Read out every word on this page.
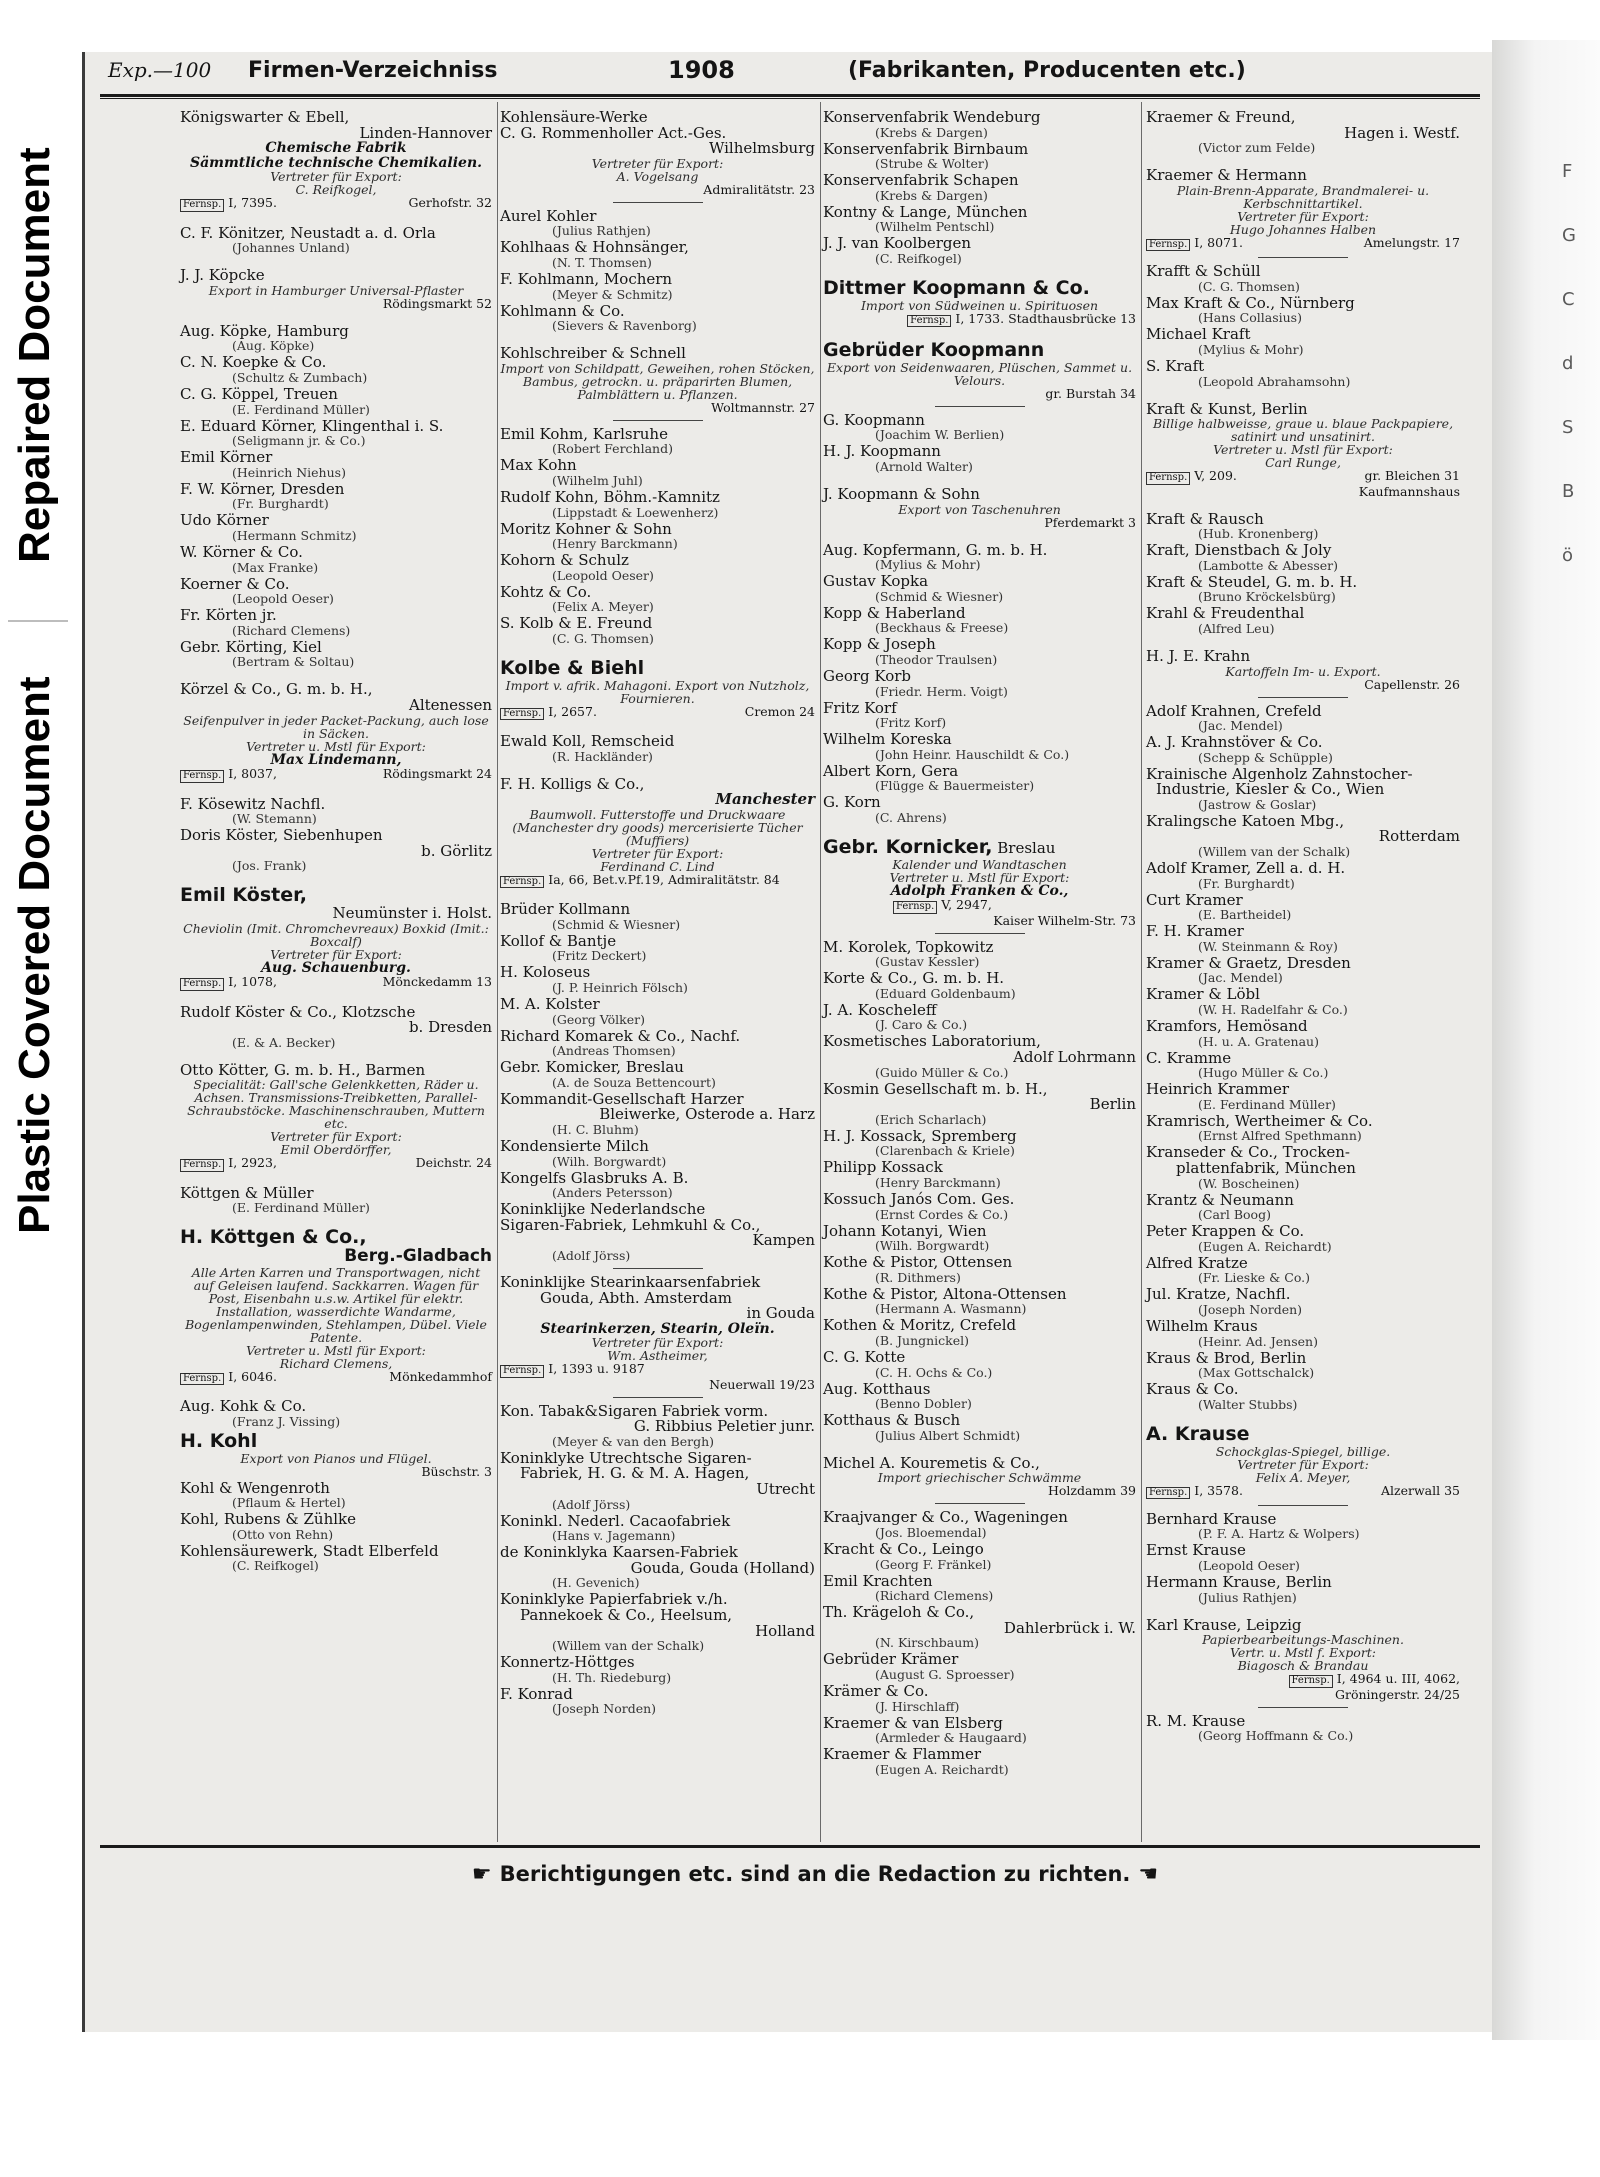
Repaired Document
Plastic Covered Document
F
G
C
d
S
B
ö
Exp.—100	Firmen-Verzeichniss	1908	(Fabrikanten, Producenten etc.)
Königswarter & Ebell,
Linden-Hannover
Chemische Fabrik
Sämmtliche technische Chemikalien.
Vertreter für Export:
C. Reifkogel,
Fernsp. I, 7395.	Gerhofstr. 32
C. F. Könitzer, Neustadt a. d. Orla
(Johannes Unland)
J. J. Köpcke
Export in Hamburger Universal-Pflaster
Rödingsmarkt 52
Aug. Köpke, Hamburg
(Aug. Köpke)
C. N. Koepke & Co.
(Schultz & Zumbach)
C. G. Köppel, Treuen
(E. Ferdinand Müller)
E. Eduard Körner, Klingenthal i. S.
(Seligmann jr. & Co.)
Emil Körner
(Heinrich Niehus)
F. W. Körner, Dresden
(Fr. Burghardt)
Udo Körner
(Hermann Schmitz)
W. Körner & Co.
(Max Franke)
Koerner & Co.
(Leopold Oeser)
Fr. Körten jr.
(Richard Clemens)
Gebr. Körting, Kiel
(Bertram & Soltau)
Körzel & Co., G. m. b. H.,
Altenessen
Seifenpulver in jeder Packet-Packung, auch lose in Säcken.
Vertreter u. Mstl für Export:
Max Lindemann,
Fernsp. I, 8037,	Rödingsmarkt 24
F. Kösewitz Nachfl.
(W. Stemann)
Doris Köster, Siebenhupen
b. Görlitz
(Jos. Frank)
Emil Köster,
Neumünster i. Holst.
Cheviolin (Imit. Chromchevreaux) Boxkid (Imit.: Boxcalf)
Vertreter für Export:
Aug. Schauenburg.
Fernsp. I, 1078,	Mönckedamm 13
Rudolf Köster & Co., Klotzsche
b. Dresden
(E. & A. Becker)
Otto Kötter, G. m. b. H., Barmen
Specialität: Gall'sche Gelenkketten, Räder u. Achsen. Transmissions-Treibketten, Parallel-Schraubstöcke. Maschinenschrauben, Muttern etc.
Vertreter für Export:
Emil Oberdörffer,
Fernsp. I, 2923,	Deichstr. 24
Köttgen & Müller
(E. Ferdinand Müller)
H. Köttgen & Co.,
Berg.-Gladbach
Alle Arten Karren und Transportwagen, nicht auf Geleisen laufend. Sackkarren. Wagen für Post, Eisenbahn u.s.w. Artikel für elektr. Installation, wasserdichte Wandarme, Bogenlampenwinden, Stehlampen, Dübel. Viele Patente.
Vertreter u. Mstl für Export:
Richard Clemens,
Fernsp. I, 6046.	Mönkedammhof
Aug. Kohk & Co.
(Franz J. Vissing)
H. Kohl
Export von Pianos und Flügel.
Büschstr. 3
Kohl & Wengenroth
(Pflaum & Hertel)
Kohl, Rubens & Zühlke
(Otto von Rehn)
Kohlensäurewerk, Stadt Elberfeld
(C. Reifkogel)
Kohlensäure-Werke
C. G. Rommenholler Act.-Ges.
Wilhelmsburg
Vertreter für Export:
A. Vogelsang
Admiralitätstr. 23
Aurel Kohler
(Julius Rathjen)
Kohlhaas & Hohnsänger,
(N. T. Thomsen)
F. Kohlmann, Mochern
(Meyer & Schmitz)
Kohlmann & Co.
(Sievers & Ravenborg)
Kohlschreiber & Schnell
Import von Schildpatt, Geweihen, rohen Stöcken, Bambus, getrockn. u. präparirten Blumen, Palmblättern u. Pflanzen.
Woltmannstr. 27
Emil Kohm, Karlsruhe
(Robert Ferchland)
Max Kohn
(Wilhelm Juhl)
Rudolf Kohn, Böhm.-Kamnitz
(Lippstadt & Loewenherz)
Moritz Kohner & Sohn
(Henry Barckmann)
Kohorn & Schulz
(Leopold Oeser)
Kohtz & Co.
(Felix A. Meyer)
S. Kolb & E. Freund
(C. G. Thomsen)
Kolbe & Biehl
Import v. afrik. Mahagoni. Export von Nutzholz, Fournieren.
Fernsp. I, 2657.	Cremon 24
Ewald Koll, Remscheid
(R. Hackländer)
F. H. Kolligs & Co.,
Manchester
Baumwoll. Futterstoffe und Druckwaare (Manchester dry goods) mercerisierte Tücher (Muffiers)
Vertreter für Export:
Ferdinand C. Lind
Fernsp. Ia, 66, Bet.v.Pf.19, Admiralitätstr. 84
Brüder Kollmann
(Schmid & Wiesner)
Kollof & Bantje
(Fritz Deckert)
H. Koloseus
(J. P. Heinrich Fölsch)
M. A. Kolster
(Georg Völker)
Richard Komarek & Co., Nachf.
(Andreas Thomsen)
Gebr. Komicker, Breslau
(A. de Souza Bettencourt)
Kommandit-Gesellschaft Harzer
Bleiwerke, Osterode a. Harz
(H. C. Bluhm)
Kondensierte Milch
(Wilh. Borgwardt)
Kongelfs Glasbruks A. B.
(Anders Petersson)
Koninklijke Nederlandsche
Sigaren-Fabriek, Lehmkuhl & Co.,
Kampen
(Adolf Jörss)
Koninklijke Stearinkaarsenfabriek
Gouda, Abth. Amsterdam
in Gouda
Stearinkerzen, Stearin, Oleïn.
Vertreter für Export:
Wm. Astheimer,
Fernsp. I, 1393 u. 9187
Neuerwall 19/23
Kon. Tabak&Sigaren Fabriek vorm.
G. Ribbius Peletier junr.
(Meyer & van den Bergh)
Koninklyke Utrechtsche Sigaren-
Fabriek, H. G. & M. A. Hagen,
Utrecht
(Adolf Jörss)
Koninkl. Nederl. Cacaofabriek
(Hans v. Jagemann)
de Koninklyka Kaarsen-Fabriek
Gouda, Gouda (Holland)
(H. Gevenich)
Koninklyke Papierfabriek v./h.
Pannekoek & Co., Heelsum,
Holland
(Willem van der Schalk)
Konnertz-Höttges
(H. Th. Riedeburg)
F. Konrad
(Joseph Norden)
Konservenfabrik Wendeburg
(Krebs & Dargen)
Konservenfabrik Birnbaum
(Strube & Wolter)
Konservenfabrik Schapen
(Krebs & Dargen)
Kontny & Lange, München
(Wilhelm Pentschl)
J. J. van Koolbergen
(C. Reifkogel)
Dittmer Koopmann & Co.
Import von Südweinen u. Spirituosen
Fernsp. I, 1733. Stadthausbrücke 13
Gebrüder Koopmann
Export von Seidenwaaren, Plüschen, Sammet u. Velours.
gr. Burstah 34
G. Koopmann
(Joachim W. Berlien)
H. J. Koopmann
(Arnold Walter)
J. Koopmann & Sohn
Export von Taschenuhren
Pferdemarkt 3
Aug. Kopfermann, G. m. b. H.
(Mylius & Mohr)
Gustav Kopka
(Schmid & Wiesner)
Kopp & Haberland
(Beckhaus & Freese)
Kopp & Joseph
(Theodor Traulsen)
Georg Korb
(Friedr. Herm. Voigt)
Fritz Korf
(Fritz Korf)
Wilhelm Koreska
(John Heinr. Hauschildt & Co.)
Albert Korn, Gera
(Flügge & Bauermeister)
G. Korn
(C. Ahrens)
Gebr. Kornicker, Breslau
Kalender und Wandtaschen
Vertreter u. Mstl für Export:
Adolph Franken & Co.,
Fernsp. V, 2947,
Kaiser Wilhelm-Str. 73
M. Korolek, Topkowitz
(Gustav Kessler)
Korte & Co., G. m. b. H.
(Eduard Goldenbaum)
J. A. Koscheleff
(J. Caro & Co.)
Kosmetisches Laboratorium,
Adolf Lohrmann
(Guido Müller & Co.)
Kosmin Gesellschaft m. b. H.,
Berlin
(Erich Scharlach)
H. J. Kossack, Spremberg
(Clarenbach & Kriele)
Philipp Kossack
(Henry Barckmann)
Kossuch Janós Com. Ges.
(Ernst Cordes & Co.)
Johann Kotanyi, Wien
(Wilh. Borgwardt)
Kothe & Pistor, Ottensen
(R. Dithmers)
Kothe & Pistor, Altona-Ottensen
(Hermann A. Wasmann)
Kothen & Moritz, Crefeld
(B. Jungnickel)
C. G. Kotte
(C. H. Ochs & Co.)
Aug. Kotthaus
(Benno Dobler)
Kotthaus & Busch
(Julius Albert Schmidt)
Michel A. Kouremetis & Co.,
Import griechischer Schwämme
Holzdamm 39
Kraajvanger & Co., Wageningen
(Jos. Bloemendal)
Kracht & Co., Leingo
(Georg F. Fränkel)
Emil Krachten
(Richard Clemens)
Th. Krägeloh & Co.,
Dahlerbrück i. W.
(N. Kirschbaum)
Gebrüder Krämer
(August G. Sproesser)
Krämer & Co.
(J. Hirschlaff)
Kraemer & van Elsberg
(Armleder & Haugaard)
Kraemer & Flammer
(Eugen A. Reichardt)
Kraemer & Freund,
Hagen i. Westf.
(Victor zum Felde)
Kraemer & Hermann
Plain-Brenn-Apparate, Brandmalerei- u. Kerbschnittartikel.
Vertreter für Export:
Hugo Johannes Halben
Fernsp. I, 8071.	Amelungstr. 17
Krafft & Schüll
(C. G. Thomsen)
Max Kraft & Co., Nürnberg
(Hans Collasius)
Michael Kraft
(Mylius & Mohr)
S. Kraft
(Leopold Abrahamsohn)
Kraft & Kunst, Berlin
Billige halbweisse, graue u. blaue Packpapiere, satinirt und unsatinirt.
Vertreter u. Mstl für Export:
Carl Runge,
Fernsp. V, 209.	gr. Bleichen 31
Kaufmannshaus
Kraft & Rausch
(Hub. Kronenberg)
Kraft, Dienstbach & Joly
(Lambotte & Abesser)
Kraft & Steudel, G. m. b. H.
(Bruno Kröckelsbürg)
Krahl & Freudenthal
(Alfred Leu)
H. J. E. Krahn
Kartoffeln Im- u. Export.
Capellenstr. 26
Adolf Krahnen, Crefeld
(Jac. Mendel)
A. J. Krahnstöver & Co.
(Schepp & Schüpple)
Krainische Algenholz Zahnstocher-
Industrie, Kiesler & Co., Wien
(Jastrow & Goslar)
Kralingsche Katoen Mbg.,
Rotterdam
(Willem van der Schalk)
Adolf Kramer, Zell a. d. H.
(Fr. Burghardt)
Curt Kramer
(E. Bartheidel)
F. H. Kramer
(W. Steinmann & Roy)
Kramer & Graetz, Dresden
(Jac. Mendel)
Kramer & Löbl
(W. H. Radelfahr & Co.)
Kramfors, Hemösand
(H. u. A. Gratenau)
C. Kramme
(Hugo Müller & Co.)
Heinrich Krammer
(E. Ferdinand Müller)
Kramrisch, Wertheimer & Co.
(Ernst Alfred Spethmann)
Kranseder & Co., Trocken-
plattenfabrik, München
(W. Boscheinen)
Krantz & Neumann
(Carl Boog)
Peter Krappen & Co.
(Eugen A. Reichardt)
Alfred Kratze
(Fr. Lieske & Co.)
Jul. Kratze, Nachfl.
(Joseph Norden)
Wilhelm Kraus
(Heinr. Ad. Jensen)
Kraus & Brod, Berlin
(Max Gottschalck)
Kraus & Co.
(Walter Stubbs)
A. Krause
Schockglas-Spiegel, billige.
Vertreter für Export:
Felix A. Meyer,
Fernsp. I, 3578.	Alzerwall 35
Bernhard Krause
(P. F. A. Hartz & Wolpers)
Ernst Krause
(Leopold Oeser)
Hermann Krause, Berlin
(Julius Rathjen)
Karl Krause, Leipzig
Papierbearbeitungs-Maschinen.
Vertr. u. Mstl f. Export:
Biagosch & Brandau
Fernsp. I, 4964 u. III, 4062,
Gröningerstr. 24/25
R. M. Krause
(Georg Hoffmann & Co.)
☛ Berichtigungen etc. sind an die Redaction zu richten. ☚
